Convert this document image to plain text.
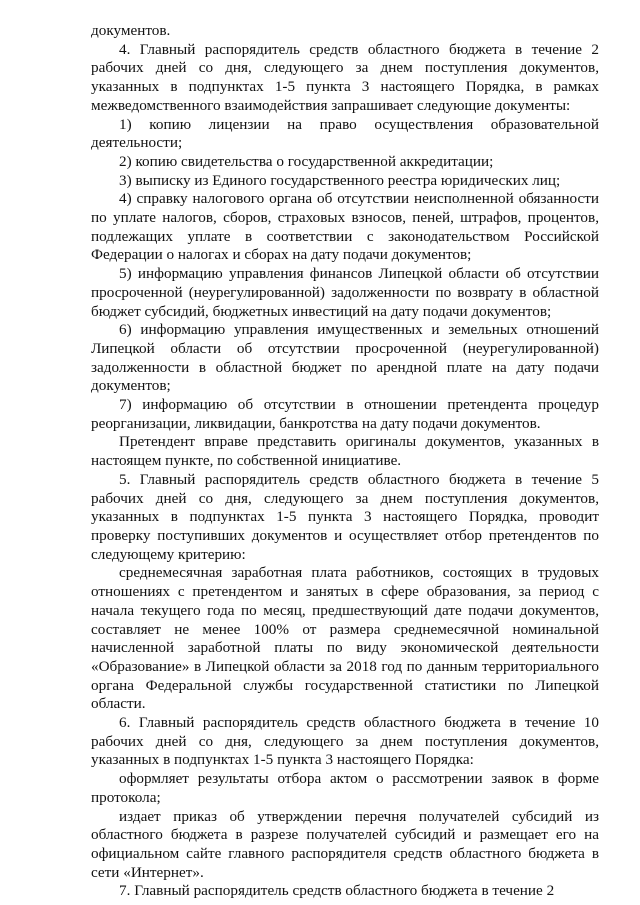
документов.

4. Главный распорядитель средств областного бюджета в течение 2 рабочих дней со дня, следующего за днем поступления документов, указанных в подпунктах 1-5 пункта 3 настоящего Порядка, в рамках межведомственного взаимодействия запрашивает следующие документы:

1) копию лицензии на право осуществления образовательной деятельности;

2) копию свидетельства о государственной аккредитации;

3) выписку из Единого государственного реестра юридических лиц;

4) справку налогового органа об отсутствии неисполненной обязанности по уплате налогов, сборов, страховых взносов, пеней, штрафов, процентов, подлежащих уплате в соответствии с законодательством Российской Федерации о налогах и сборах на дату подачи документов;

5) информацию управления финансов Липецкой области об отсутствии просроченной (неурегулированной) задолженности по возврату в областной бюджет субсидий, бюджетных инвестиций на дату подачи документов;

6) информацию управления имущественных и земельных отношений Липецкой области об отсутствии просроченной (неурегулированной) задолженности в областной бюджет по арендной плате на дату подачи документов;

7) информацию об отсутствии в отношении претендента процедур реорганизации, ликвидации, банкротства на дату подачи документов.

Претендент вправе представить оригиналы документов, указанных в настоящем пункте, по собственной инициативе.

5. Главный распорядитель средств областного бюджета в течение 5 рабочих дней со дня, следующего за днем поступления документов, указанных в подпунктах 1-5 пункта 3 настоящего Порядка, проводит проверку поступивших документов и осуществляет отбор претендентов по следующему критерию:

среднемесячная заработная плата работников, состоящих в трудовых отношениях с претендентом и занятых в сфере образования, за период с начала текущего года по месяц, предшествующий дате подачи документов, составляет не менее 100% от размера среднемесячной номинальной начисленной заработной платы по виду экономической деятельности «Образование» в Липецкой области за 2018 год по данным территориального органа Федеральной службы государственной статистики по Липецкой области.

6. Главный распорядитель средств областного бюджета в течение 10 рабочих дней со дня, следующего за днем поступления документов, указанных в подпунктах 1-5 пункта 3 настоящего Порядка:

оформляет результаты отбора актом о рассмотрении заявок в форме протокола;

издает приказ об утверждении перечня получателей субсидий из областного бюджета в разрезе получателей субсидий и размещает его на официальном сайте главного распорядителя средств областного бюджета в сети «Интернет».

7. Главный распорядитель средств областного бюджета в течение 2
